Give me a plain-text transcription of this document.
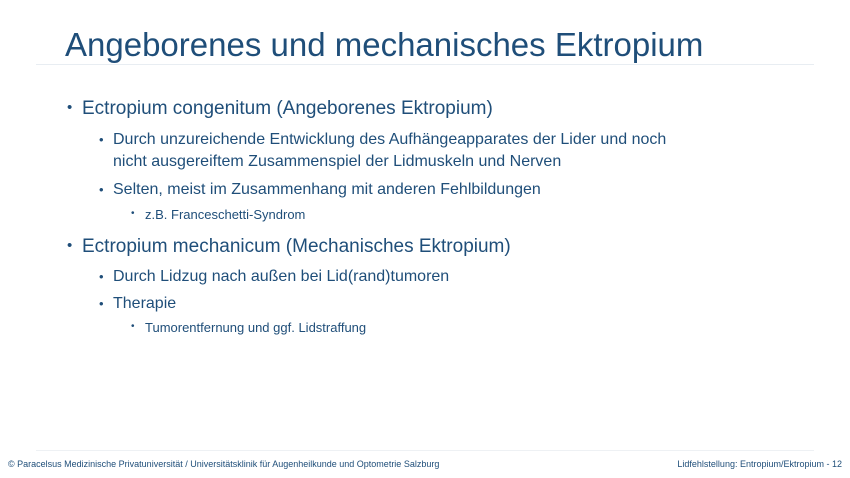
Angeborenes und mechanisches Ektropium
• Ectropium congenitum (Angeborenes Ektropium)
• Durch unzureichende Entwicklung des Aufhängeapparates der Lider und noch
nicht ausgereiftem Zusammenspiel der Lidmuskeln und Nerven
• Selten, meist im Zusammenhang mit anderen Fehlbildungen
• z.B. Franceschetti-Syndrom
• Ectropium mechanicum (Mechanisches Ektropium)
• Durch Lidzug nach außen bei Lid(rand)tumoren
• Therapie
• Tumorentfernung und ggf. Lidstraffung
© Paracelsus Medizinische Privatuniversität / Universitätsklinik für Augenheilkunde und Optometrie Salzburg	Lidfehlstellung: Entropium/Ektropium - 12
